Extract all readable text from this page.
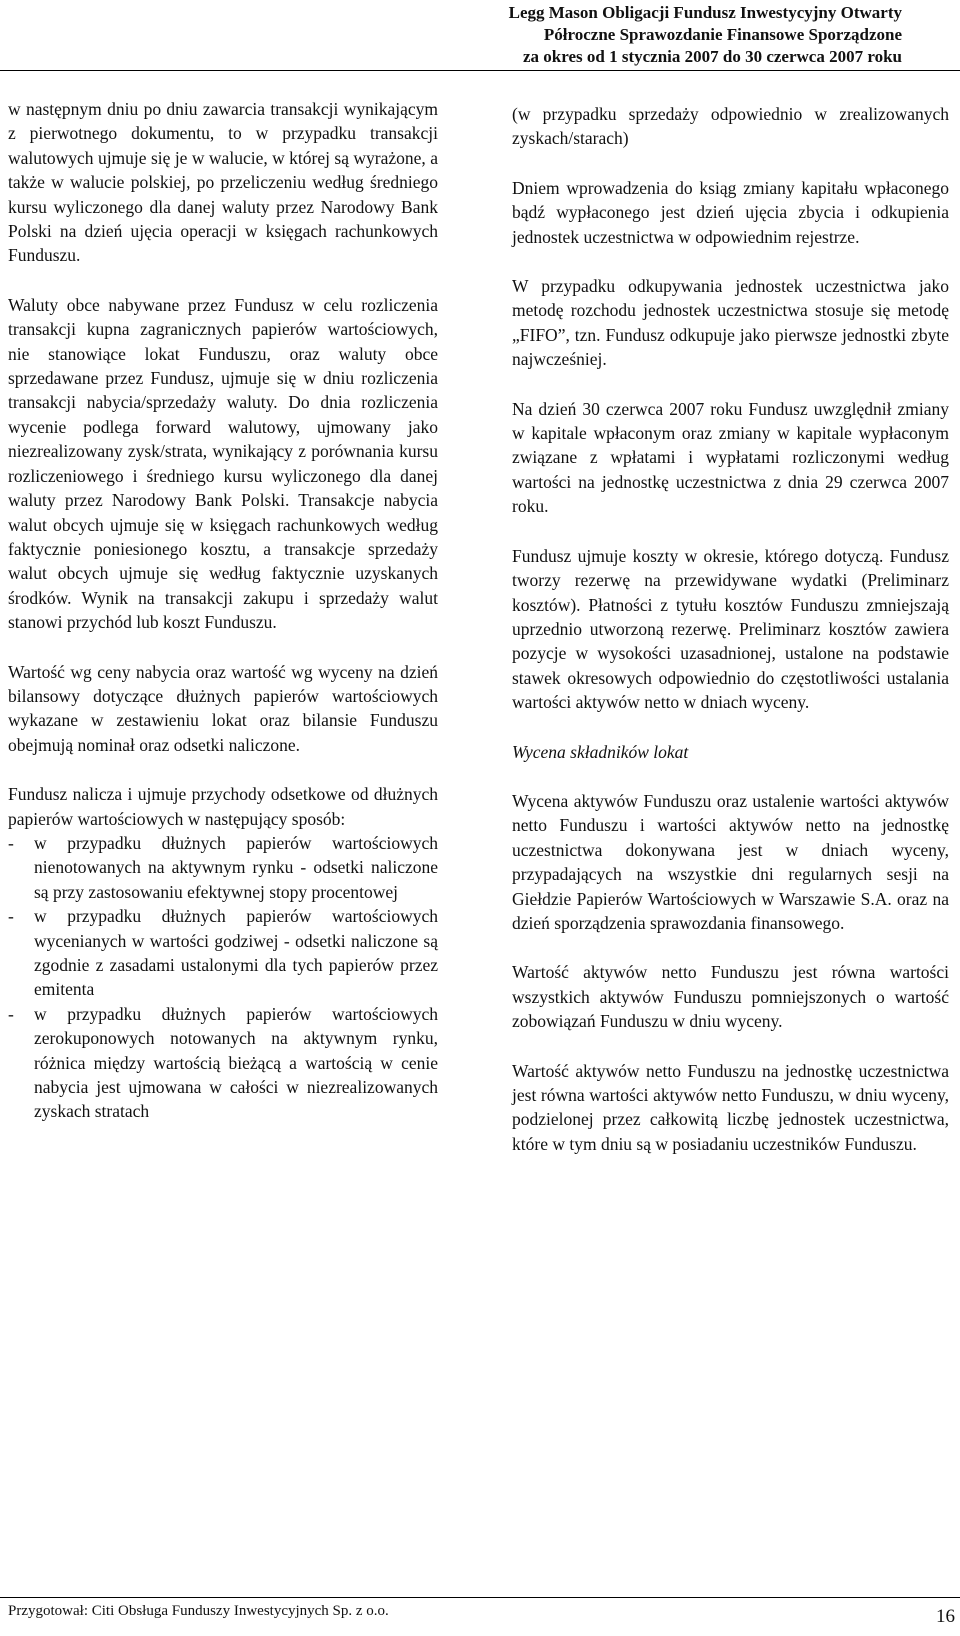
Legg Mason Obligacji Fundusz Inwestycyjny Otwarty
Półroczne Sprawozdanie Finansowe Sporządzone
za okres od 1 stycznia 2007 do 30 czerwca 2007 roku

w następnym dniu po dniu zawarcia transakcji wynikającym z pierwotnego dokumentu, to w przypadku transakcji walutowych ujmuje się je w walucie, w której są wyrażone, a także w walucie polskiej, po przeliczeniu według średniego kursu wyliczonego dla danej waluty przez Narodowy Bank Polski na dzień ujęcia operacji w księgach rachunkowych Funduszu.

Waluty obce nabywane przez Fundusz w celu rozliczenia transakcji kupna zagranicznych papierów wartościowych, nie stanowiące lokat Funduszu, oraz waluty obce sprzedawane przez Fundusz, ujmuje się w dniu rozliczenia transakcji nabycia/sprzedaży waluty. Do dnia rozliczenia wycenie podlega forward walutowy, ujmowany jako niezrealizowany zysk/strata, wynikający z porównania kursu rozliczeniowego i średniego kursu wyliczonego dla danej waluty przez Narodowy Bank Polski. Transakcje nabycia walut obcych ujmuje się w księgach rachunkowych według faktycznie poniesionego kosztu, a transakcje sprzedaży walut obcych ujmuje się według faktycznie uzyskanych środków. Wynik na transakcji zakupu i sprzedaży walut stanowi przychód lub koszt Funduszu.

Wartość wg ceny nabycia oraz wartość wg wyceny na dzień bilansowy dotyczące dłużnych papierów wartościowych wykazane w zestawieniu lokat oraz bilansie Funduszu obejmują nominał oraz odsetki naliczone.

Fundusz nalicza i ujmuje przychody odsetkowe od dłużnych papierów wartościowych w następujący sposób:

-	w przypadku dłużnych papierów wartościowych nienotowanych na aktywnym rynku - odsetki naliczone są przy zastosowaniu efektywnej stopy procentowej
-	w przypadku dłużnych papierów wartościowych wycenianych w wartości godziwej - odsetki naliczone są zgodnie z zasadami ustalonymi dla tych papierów przez emitenta
-	w przypadku dłużnych papierów wartościowych zerokuponowych notowanych na aktywnym rynku, różnica między wartością bieżącą a wartością w cenie nabycia jest ujmowana w całości w niezrealizowanych zyskach stratach

(w przypadku sprzedaży odpowiednio w zrealizowanych zyskach/starach)

Dniem wprowadzenia do ksiąg zmiany kapitału wpłaconego bądź wypłaconego jest dzień ujęcia zbycia i odkupienia jednostek uczestnictwa w odpowiednim rejestrze.

W przypadku odkupywania jednostek uczestnictwa jako metodę rozchodu jednostek uczestnictwa stosuje się metodę „FIFO”, tzn. Fundusz odkupuje jako pierwsze jednostki zbyte najwcześniej.

Na dzień 30 czerwca 2007 roku Fundusz uwzględnił zmiany w kapitale wpłaconym oraz zmiany w kapitale wypłaconym związane z wpłatami i wypłatami rozliczonymi według wartości na jednostkę uczestnictwa z dnia 29 czerwca 2007 roku.

Fundusz ujmuje koszty w okresie, którego dotyczą. Fundusz tworzy rezerwę na przewidywane wydatki (Preliminarz kosztów). Płatności z tytułu kosztów Funduszu zmniejszają uprzednio utworzoną rezerwę. Preliminarz kosztów zawiera pozycje w wysokości uzasadnionej, ustalone na podstawie stawek okresowych odpowiednio do częstotliwości ustalania wartości aktywów netto w dniach wyceny.

Wycena składników lokat

Wycena aktywów Funduszu oraz ustalenie wartości aktywów netto Funduszu i wartości aktywów netto na jednostkę uczestnictwa dokonywana jest w dniach wyceny, przypadających na wszystkie dni regularnych sesji na Giełdzie Papierów Wartościowych w Warszawie S.A. oraz na dzień sporządzenia sprawozdania finansowego.

Wartość aktywów netto Funduszu jest równa wartości wszystkich aktywów Funduszu pomniejszonych o wartość zobowiązań Funduszu w dniu wyceny.

Wartość aktywów netto Funduszu na jednostkę uczestnictwa jest równa wartości aktywów netto Funduszu, w dniu wyceny, podzielonej przez całkowitą liczbę jednostek uczestnictwa, które w tym dniu są w posiadaniu uczestników Funduszu.

Przygotował: Citi Obsługa Funduszy Inwestycyjnych Sp. z o.o.	16
